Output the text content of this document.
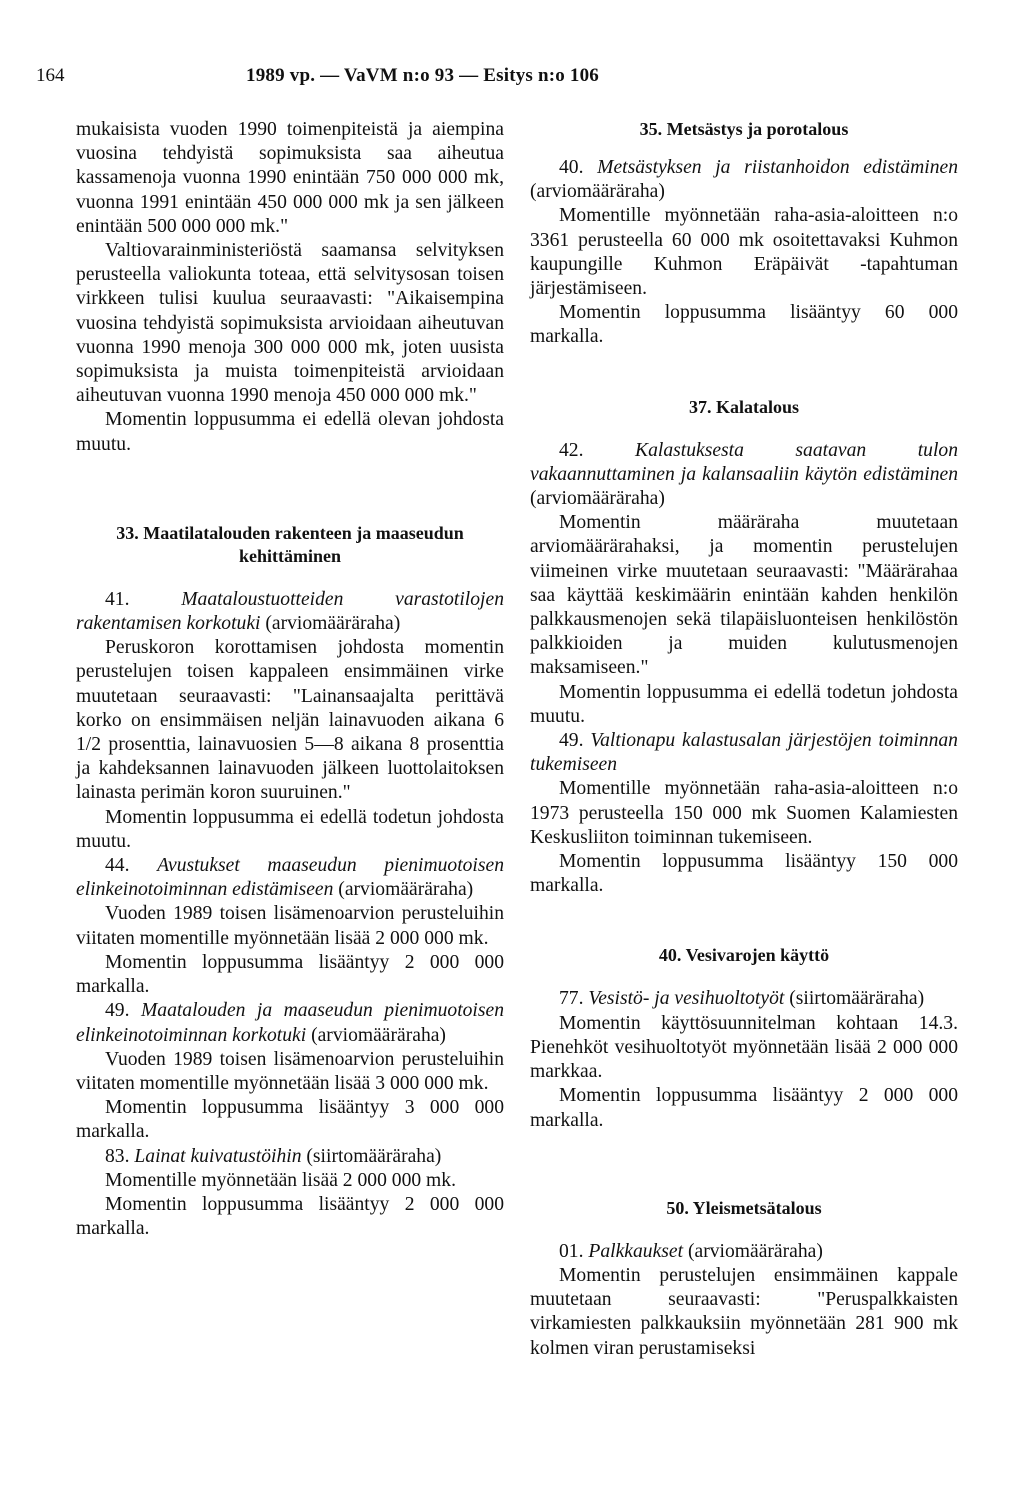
164	1989 vp. — VaVM n:o 93 — Esitys n:o 106

mukaisista vuoden 1990 toimenpiteistä ja aiempina vuosina tehdyistä sopimuksista saa aiheutua kassamenoja vuonna 1990 enintään 750 000 000 mk, vuonna 1991 enintään 450 000 000 mk ja sen jälkeen enintään 500 000 000 mk."

Valtiovarainministeriöstä saamansa selvityksen perusteella valiokunta toteaa, että selvitysosan toisen virkkeen tulisi kuulua seuraavasti: "Aikaisempina vuosina tehdyistä sopimuksista arvioidaan aiheutuvan vuonna 1990 menoja 300 000 000 mk, joten uusista sopimuksista ja muista toimenpiteistä arvioidaan aiheutuvan vuonna 1990 menoja 450 000 000 mk."

Momentin loppusumma ei edellä olevan johdosta muutu.

33. Maatilatalouden rakenteen ja maaseudun kehittäminen

41.	Maataloustuotteiden varastotilojen rakentamisen korkotuki (arviomääräraha)

Peruskoron korottamisen johdosta momentin perustelujen toisen kappaleen ensimmäinen virke muutetaan seuraavasti: "Lainansaajalta perittävä korko on ensimmäisen neljän lainavuoden aikana 6 1/2 prosenttia, lainavuosien 5—8 aikana 8 prosenttia ja kahdeksannen lainavuoden jälkeen luottolaitoksen lainasta perimän koron suuruinen."

Momentin loppusumma ei edellä todetun johdosta muutu.

44. Avustukset maaseudun pienimuotoisen elinkeinotoiminnan edistämiseen (arviomääräraha)

Vuoden 1989 toisen lisämenoarvion perusteluihin viitaten momentille myönnetään lisää 2 000 000 mk.

Momentin loppusumma lisääntyy 2 000 000 markalla.

49. Maatalouden ja maaseudun pienimuotoisen elinkeinotoiminnan korkotuki (arviomääräraha)

Vuoden 1989 toisen lisämenoarvion perusteluihin viitaten momentille myönnetään lisää 3 000 000 mk.

Momentin loppusumma lisääntyy 3 000 000 markalla.

83. Lainat kuivatustöihin (siirtomääräraha)

Momentille myönnetään lisää 2 000 000 mk.

Momentin loppusumma lisääntyy 2 000 000 markalla.

35. Metsästys ja porotalous

40. Metsästyksen ja riistanhoidon edistäminen (arviomääräraha)

Momentille myönnetään raha-asia-aloitteen n:o 3361 perusteella 60 000 mk osoitettavaksi Kuhmon kaupungille Kuhmon Eräpäivät -tapahtuman järjestämiseen.

Momentin loppusumma lisääntyy 60 000 markalla.

37. Kalatalous

42.	Kalastuksesta saatavan tulon vakaannuttaminen ja kalansaaliin käytön edistäminen (arviomääräraha)

Momentin määräraha muutetaan arviomäärärahaksi, ja momentin perustelujen viimeinen virke muutetaan seuraavasti: "Määrärahaa saa käyttää keskimäärin enintään kahden henkilön palkkausmenojen sekä tilapäisluonteisen henkilöstön palkkioiden ja muiden kulutusmenojen maksamiseen."

Momentin loppusumma ei edellä todetun johdosta muutu.

49. Valtionapu kalastusalan järjestöjen toiminnan tukemiseen

Momentille myönnetään raha-asia-aloitteen n:o 1973 perusteella 150 000 mk Suomen Kalamiesten Keskusliiton toiminnan tukemiseen.

Momentin loppusumma lisääntyy 150 000 markalla.

40. Vesivarojen käyttö

77. Vesistö- ja vesihuoltotyöt (siirtomääräraha)

Momentin käyttösuunnitelman kohtaan 14.3. Pienehköt vesihuoltotyöt myönnetään lisää 2 000 000 markkaa.

Momentin loppusumma lisääntyy 2 000 000 markalla.

50. Yleismetsätalous

01. Palkkaukset (arviomääräraha)

Momentin perustelujen ensimmäinen kappale muutetaan seuraavasti: "Peruspalkkaisten virkamiesten palkkauksiin myönnetään 281 900 mk kolmen viran perustamiseksi
